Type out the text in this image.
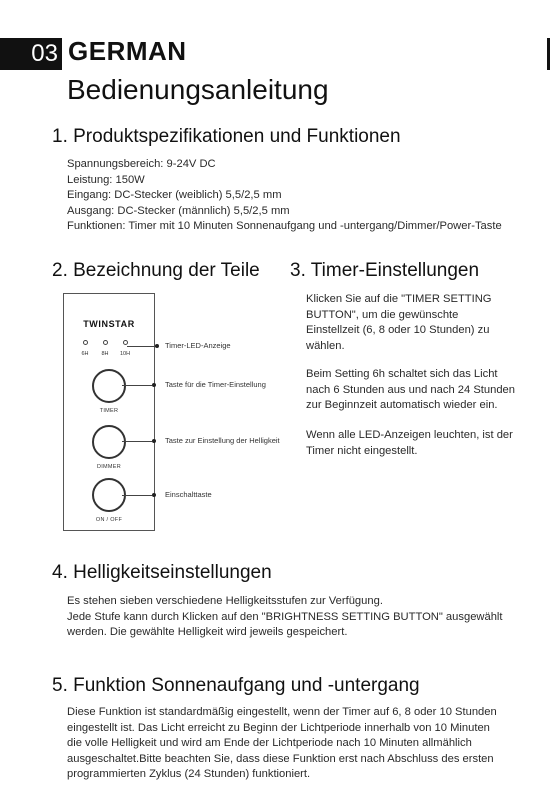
03 GERMAN
Bedienungsanleitung
1. Produktspezifikationen und Funktionen
Spannungsbereich: 9-24V DC
Leistung: 150W
Eingang: DC-Stecker (weiblich) 5,5/2,5 mm
Ausgang: DC-Stecker (männlich) 5,5/2,5 mm
Funktionen: Timer mit 10 Minuten Sonnenaufgang und -untergang/Dimmer/Power-Taste
2. Bezeichnung der Teile
TWINSTAR
6H	8H	10H
TIMER
DIMMER
ON / OFF
Timer-LED-Anzeige
Taste für die Timer-Einstellung
Taste zur Einstellung der Helligkeit
Einschalttaste
3. Timer-Einstellungen
Klicken Sie auf die "TIMER SETTING
BUTTON", um die gewünschte
Einstellzeit (6, 8 oder 10 Stunden) zu
wählen.
Beim Setting 6h schaltet sich das Licht
nach 6 Stunden aus und nach 24 Stunden
zur Beginnzeit automatisch wieder ein.
Wenn alle LED-Anzeigen leuchten, ist der
Timer nicht eingestellt.
4. Helligkeitseinstellungen
Es stehen sieben verschiedene Helligkeitsstufen zur Verfügung.
Jede Stufe kann durch Klicken auf den "BRIGHTNESS SETTING BUTTON" ausgewählt
werden. Die gewählte Helligkeit wird jeweils gespeichert.
5. Funktion Sonnenaufgang und -untergang
Diese Funktion ist standardmäßig eingestellt, wenn der Timer auf 6, 8 oder 10 Stunden
eingestellt ist. Das Licht erreicht zu Beginn der Lichtperiode innerhalb von 10 Minuten
die volle Helligkeit und wird am Ende der Lichtperiode nach 10 Minuten allmählich
ausgeschaltet.Bitte beachten Sie, dass diese Funktion erst nach Abschluss des ersten
programmierten Zyklus (24 Stunden) funktioniert.
